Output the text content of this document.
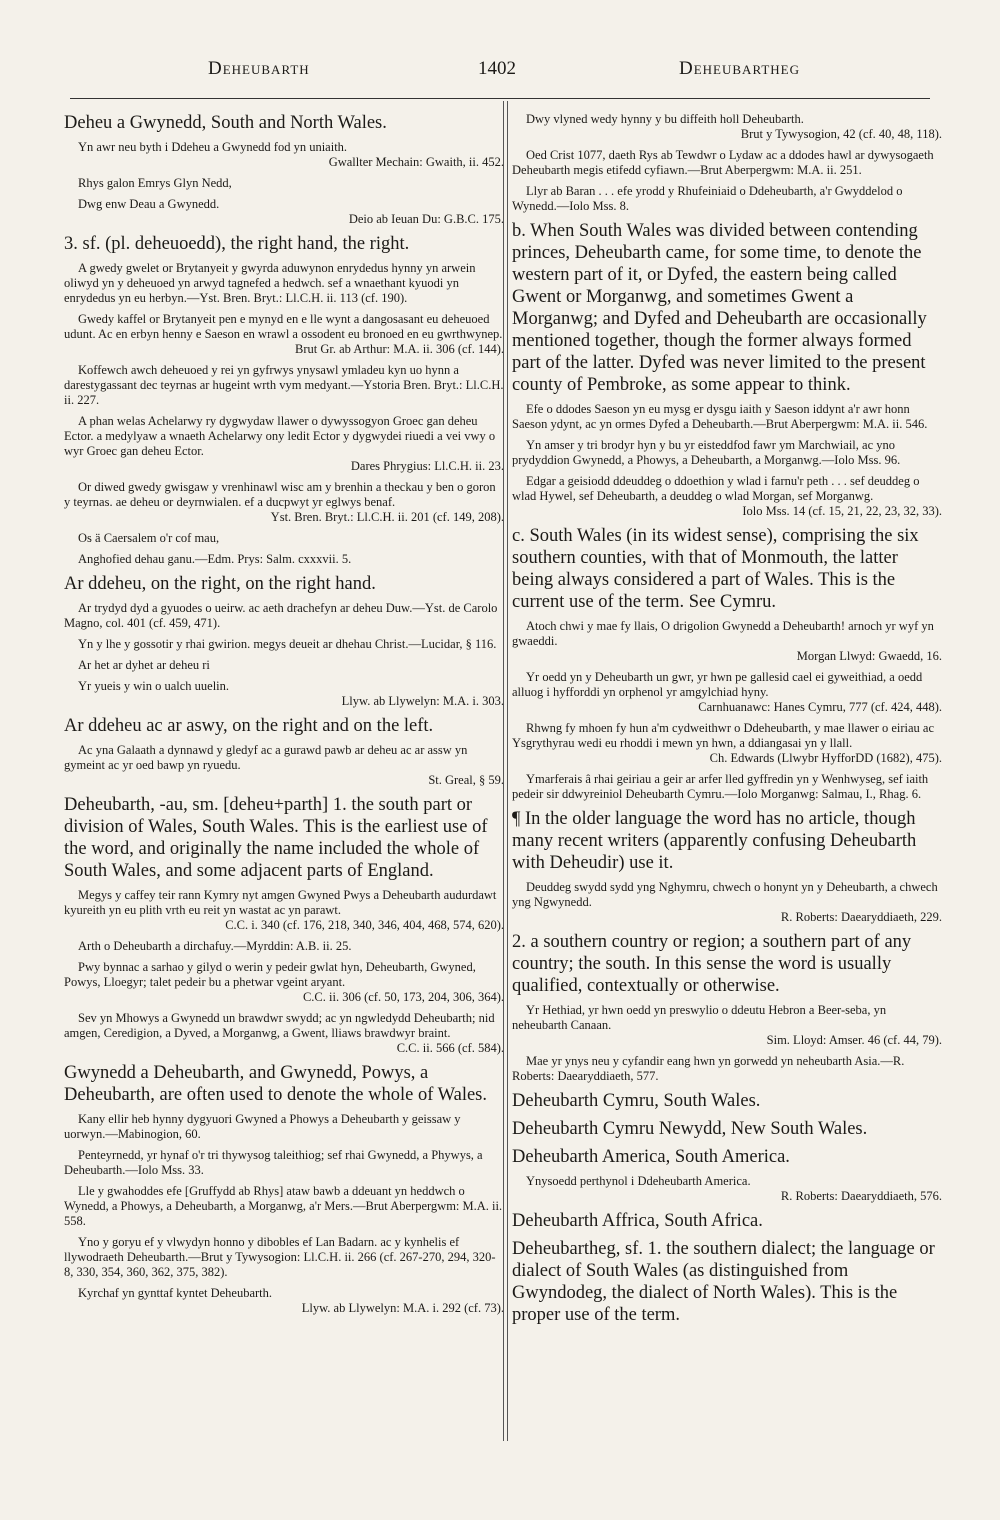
Deheubarth	1402	Deheubartheg
Deheu a Gwynedd, South and North Wales.
Yn awr neu byth i Ddeheu a Gwynedd fod yn uniaith.
Gwallter Mechain: Gwaith, ii. 452.
Rhys galon Emrys Glyn Nedd,
Dwg enw Deau a Gwynedd.
Deio ab Ieuan Du: G.B.C. 175.
3. sf. (pl. deheuoedd), the right hand, the right.
A gwedy gwelet or Brytanyeit y gwyrda aduwynon enrydedus hynny yn arwein oliwyd yn y deheuoed yn arwyd tagnefed a hedwch. sef a wnaethant kyuodi yn enrydedus yn eu herbyn.—Yst. Bren. Bryt.: Ll.C.H. ii. 113 (cf. 190).
Gwedy kaffel or Brytanyeit pen e mynyd en e lle wynt a dangosasant eu deheuoed udunt. Ac en erbyn henny e Saeson en wrawl a ossodent eu bronoed en eu gwrthwynep.
Brut Gr. ab Arthur: M.A. ii. 306 (cf. 144).
Koffewch awch deheuoed y rei yn gyfrwys ynysawl ymladeu kyn uo hynn a darestygassant dec teyrnas ar hugeint wrth vym medyant.—Ystoria Bren. Bryt.: Ll.C.H. ii. 227.
A phan welas Achelarwy ry dygwydaw llawer o dywyssogyon Groec gan deheu Ector. a medylyaw a wnaeth Achelarwy ony ledit Ector y dygwydei riuedi a vei vwy o wyr Groec gan deheu Ector.
Dares Phrygius: Ll.C.H. ii. 23.
Or diwed gwedy gwisgaw y vrenhinawl wisc am y brenhin a theckau y ben o goron y teyrnas. ae deheu or deyrnwialen. ef a ducpwyt yr eglwys benaf.
Yst. Bren. Bryt.: Ll.C.H. ii. 201 (cf. 149, 208).
Os ä Caersalem o'r cof mau,
Anghofied dehau ganu.—Edm. Prys: Salm. cxxxvii. 5.
Ar ddeheu, on the right, on the right hand.
Ar trydyd dyd a gyuodes o ueirw. ac aeth drachefyn ar deheu Duw.—Yst. de Carolo Magno, col. 401 (cf. 459, 471).
Yn y lhe y gossotir y rhai gwirion. megys deueit ar dhehau Christ.—Lucidar, § 116.
Ar het ar dyhet ar deheu ri
Yr yueis y win o ualch uuelin.
Llyw. ab Llywelyn: M.A. i. 303.
Ar ddeheu ac ar aswy, on the right and on the left.
Ac yna Galaath a dynnawd y gledyf ac a gurawd pawb ar deheu ac ar assw yn gymeint ac yr oed bawp yn ryuedu.
St. Greal, § 59.
Deheubarth, -au, sm. [deheu+parth] 1. the south part or division of Wales, South Wales. This is the earliest use of the word, and originally the name included the whole of South Wales, and some adjacent parts of England.
Megys y caffey teir rann Kymry nyt amgen Gwyned Pwys a Deheubarth audurdawt kyureith yn eu plith vrth eu reit yn wastat ac yn parawt.
C.C. i. 340 (cf. 176, 218, 340, 346, 404, 468, 574, 620).
Arth o Deheubarth a dirchafuy.—Myrddin: A.B. ii. 25.
Pwy bynnac a sarhao y gilyd o werin y pedeir gwlat hyn, Deheubarth, Gwyned, Powys, Lloegyr; talet pedeir bu a phetwar vgeint aryant.
C.C. ii. 306 (cf. 50, 173, 204, 306, 364).
Sev yn Mhowys a Gwynedd un brawdwr swydd; ac yn ngwledydd Deheubarth; nid amgen, Ceredigion, a Dyved, a Morganwg, a Gwent, lliaws brawdwyr braint.
C.C. ii. 566 (cf. 584).
Gwynedd a Deheubarth, and Gwynedd, Powys, a Deheubarth, are often used to denote the whole of Wales.
Kany ellir heb hynny dygyuori Gwyned a Phowys a Deheubarth y geissaw y uorwyn.—Mabinogion, 60.
Penteyrnedd, yr hynaf o'r tri thywysog taleithiog; sef rhai Gwynedd, a Phywys, a Deheubarth.—Iolo Mss. 33.
Lle y gwahoddes efe [Gruffydd ab Rhys] ataw bawb a ddeuant yn heddwch o Wynedd, a Phowys, a Deheubarth, a Morganwg, a'r Mers.—Brut Aberpergwm: M.A. ii. 558.
Yno y gorуu ef y vlwydyn honno y dibobles ef Lan Badarn. ac y kynhelis ef llywodraeth Deheubarth.—Brut y Tywysogion: Ll.C.H. ii. 266 (cf. 267-270, 294, 320-8, 330, 354, 360, 362, 375, 382).
Kyrchaf yn gynttaf kyntet Deheubarth.
Llyw. ab Llywelyn: M.A. i. 292 (cf. 73).
Dwy vlyned wedy hynny y bu diffeith holl Deheubarth.
Brut y Tywysogion, 42 (cf. 40, 48, 118).
Oed Crist 1077, daeth Rys ab Tewdwr o Lydaw ac a ddodes hawl ar dywysogaeth Deheubarth megis etifedd cyfiawn.—Brut Aberpergwm: M.A. ii. 251.
Llyr ab Baran . . . efe yrodd y Rhufeiniaid o Ddeheubarth, a'r Gwyddelod o Wynedd.—Iolo Mss. 8.
b. When South Wales was divided between contending princes, Deheubarth came, for some time, to denote the western part of it, or Dyfed, the eastern being called Gwent or Morganwg, and sometimes Gwent a Morganwg; and Dyfed and Deheubarth are occasionally mentioned together, though the former always formed part of the latter. Dyfed was never limited to the present county of Pembroke, as some appear to think.
Efe o ddodes Saeson yn eu mysg er dysgu iaith y Saeson iddynt a'r awr honn Saeson ydynt, ac yn ormes Dyfed a Deheubarth.—Brut Aberpergwm: M.A. ii. 546.
Yn amser y tri brodyr hyn y bu yr eisteddfod fawr ym Marchwiail, ac yno prydyddion Gwynedd, a Phowys, a Deheubarth, a Morganwg.—Iolo Mss. 96.
Edgar a geisiodd ddeuddeg o ddoethion y wlad i farnu'r peth . . . sef deuddeg o wlad Hywel, sef Deheubarth, a deuddeg o wlad Morgan, sef Morganwg.
Iolo Mss. 14 (cf. 15, 21, 22, 23, 32, 33).
c. South Wales (in its widest sense), comprising the six southern counties, with that of Monmouth, the latter being always considered a part of Wales. This is the current use of the term. See Cymru.
Atoch chwi y mae fy llais, O drigolion Gwynedd a Deheubarth! arnoch yr wyf yn gwaeddi.
Morgan Llwyd: Gwaedd, 16.
Yr oedd yn y Deheubarth un gwr, yr hwn pe gallesid cael ei gyweithiad, a oedd alluog i hyfforddi yn orphenol yr amgylchiad hyny.
Carnhuanawc: Hanes Cymru, 777 (cf. 424, 448).
Rhwng fy mhoen fy hun a'm cydweithwr o Ddeheubarth, y mae llawer o eiriau ac Ysgrythyrau wedi eu rhoddi i mewn yn hwn, a ddiangasai yn y llall.
Ch. Edwards (Llwybr HyfforDD (1682), 475).
Ymarferais â rhai geiriau a geir ar arfer lled gyffredin yn y Wenhwyseg, sef iaith pedeir sir ddwyreiniol Deheubarth Cymru.—Iolo Morganwg: Salmau, I., Rhag. 6.
¶ In the older language the word has no article, though many recent writers (apparently confusing Deheubarth with Deheudir) use it.
Deuddeg swydd sydd yng Nghymru, chwech o honynt yn y Deheubarth, a chwech yng Ngwynedd.
R. Roberts: Daearyddiaeth, 229.
2. a southern country or region; a southern part of any country; the south. In this sense the word is usually qualified, contextually or otherwise.
Yr Hethiad, yr hwn oedd yn preswylio o ddeutu Hebron a Beer-seba, yn neheubarth Canaan.
Sim. Lloyd: Amser. 46 (cf. 44, 79).
Mae yr ynys neu y cyfandir eang hwn yn gorwedd yn neheubarth Asia.—R. Roberts: Daearyddiaeth, 577.
Deheubarth Cymru, South Wales.
Deheubarth Cymru Newydd, New South Wales.
Deheubarth America, South America.
Ynysoedd perthynol i Ddeheubarth America.
R. Roberts: Daearyddiaeth, 576.
Deheubarth Affrica, South Africa.
Deheubartheg, sf. 1. the southern dialect; the language or dialect of South Wales (as distinguished from Gwyndodeg, the dialect of North Wales). This is the proper use of the term.
